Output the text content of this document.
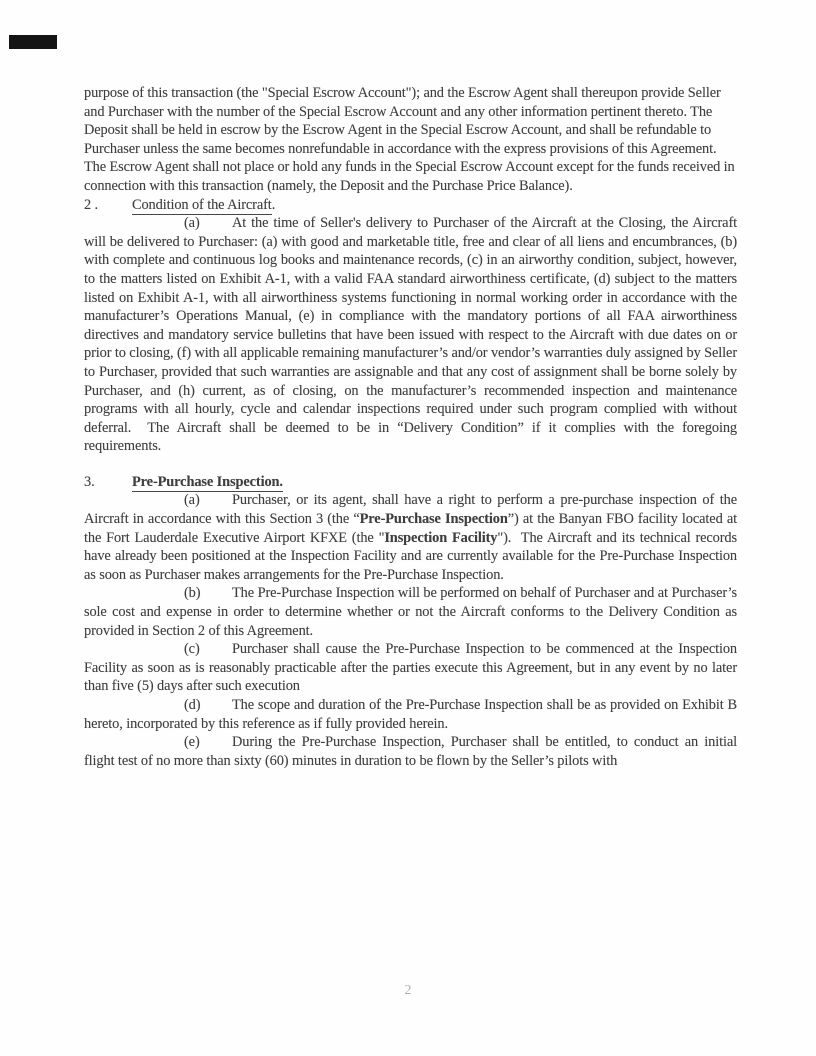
purpose of this transaction (the "Special Escrow Account"); and the Escrow Agent shall thereupon provide Seller and Purchaser with the number of the Special Escrow Account and any other information pertinent thereto. The Deposit shall be held in escrow by the Escrow Agent in the Special Escrow Account, and shall be refundable to Purchaser unless the same becomes nonrefundable in accordance with the express provisions of this Agreement. The Escrow Agent shall not place or hold any funds in the Special Escrow Account except for the funds received in connection with this transaction (namely, the Deposit and the Purchase Price Balance).

2 . Condition of the Aircraft.

(a) At the time of Seller's delivery to Purchaser of the Aircraft at the Closing, the Aircraft will be delivered to Purchaser: (a) with good and marketable title, free and clear of all liens and encumbrances, (b) with complete and continuous log books and maintenance records, (c) in an airworthy condition, subject, however, to the matters listed on Exhibit A-1, with a valid FAA standard airworthiness certificate, (d) subject to the matters listed on Exhibit A-1, with all airworthiness systems functioning in normal working order in accordance with the manufacturer’s Operations Manual, (e) in compliance with the mandatory portions of all FAA airworthiness directives and mandatory service bulletins that have been issued with respect to the Aircraft with due dates on or prior to closing, (f) with all applicable remaining manufacturer’s and/or vendor’s warranties duly assigned by Seller to Purchaser, provided that such warranties are assignable and that any cost of assignment shall be borne solely by Purchaser, and (h) current, as of closing, on the manufacturer’s recommended inspection and maintenance programs with all hourly, cycle and calendar inspections required under such program complied with without deferral.  The Aircraft shall be deemed to be in “Delivery Condition” if it complies with the foregoing requirements.

3.	Pre-Purchase Inspection.

(a) Purchaser, or its agent, shall have a right to perform a pre-purchase inspection of the Aircraft in accordance with this Section 3 (the “Pre-Purchase Inspection”) at the Banyan FBO facility located at the Fort Lauderdale Executive Airport KFXE (the "Inspection Facility").  The Aircraft and its technical records have already been positioned at the Inspection Facility and are currently available for the Pre-Purchase Inspection as soon as Purchaser makes arrangements for the Pre-Purchase Inspection.

(b) The Pre-Purchase Inspection will be performed on behalf of Purchaser and at Purchaser’s sole cost and expense in order to determine whether or not the Aircraft conforms to the Delivery Condition as provided in Section 2 of this Agreement.

(c) Purchaser shall cause the Pre-Purchase Inspection to be commenced at the Inspection Facility as soon as is reasonably practicable after the parties execute this Agreement, but in any event by no later than five (5) days after such execution

(d) The scope and duration of the Pre-Purchase Inspection shall be as provided on Exhibit B hereto, incorporated by this reference as if fully provided herein.

(e) During the Pre-Purchase Inspection, Purchaser shall be entitled, to conduct an initial flight test of no more than sixty (60) minutes in duration to be flown by the Seller’s pilots with

2
